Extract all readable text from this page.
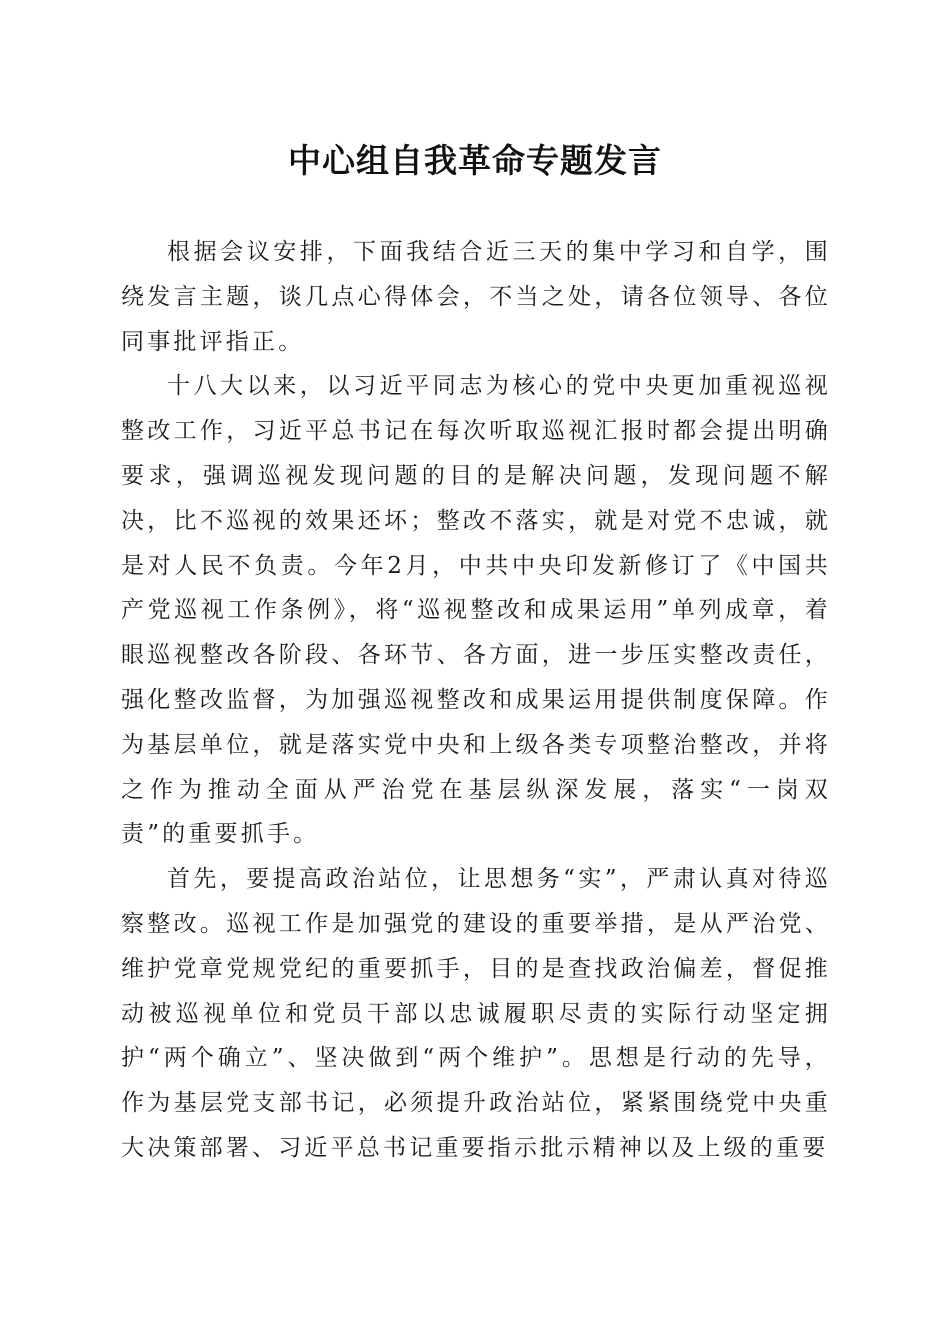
中心组自我革命专题发言

根据会议安排，下面我结合近三天的集中学习和自学，围绕发言主题，谈几点心得体会，不当之处，请各位领导、各位同事批评指正。

十八大以来，以习近平同志为核心的党中央更加重视巡视整改工作，习近平总书记在每次听取巡视汇报时都会提出明确要求，强调巡视发现问题的目的是解决问题，发现问题不解决，比不巡视的效果还坏；整改不落实，就是对党不忠诚，就是对人民不负责。今年2月，中共中央印发新修订了《中国共产党巡视工作条例》，将“巡视整改和成果运用”单列成章，着眼巡视整改各阶段、各环节、各方面，进一步压实整改责任，强化整改监督，为加强巡视整改和成果运用提供制度保障。作为基层单位，就是落实党中央和上级各类专项整治整改，并将之作为推动全面从严治党在基层纵深发展，落实“一岗双责”的重要抓手。

首先，要提高政治站位，让思想务“实”，严肃认真对待巡察整改。巡视工作是加强党的建设的重要举措，是从严治党、维护党章党规党纪的重要抓手，目的是查找政治偏差，督促推动被巡视单位和党员干部以忠诚履职尽责的实际行动坚定拥护“两个确立”、坚决做到“两个维护”。思想是行动的先导，作为基层党支部书记，必须提升政治站位，紧紧围绕党中央重大决策部署、习近平总书记重要指示批示精神以及上级的重要
